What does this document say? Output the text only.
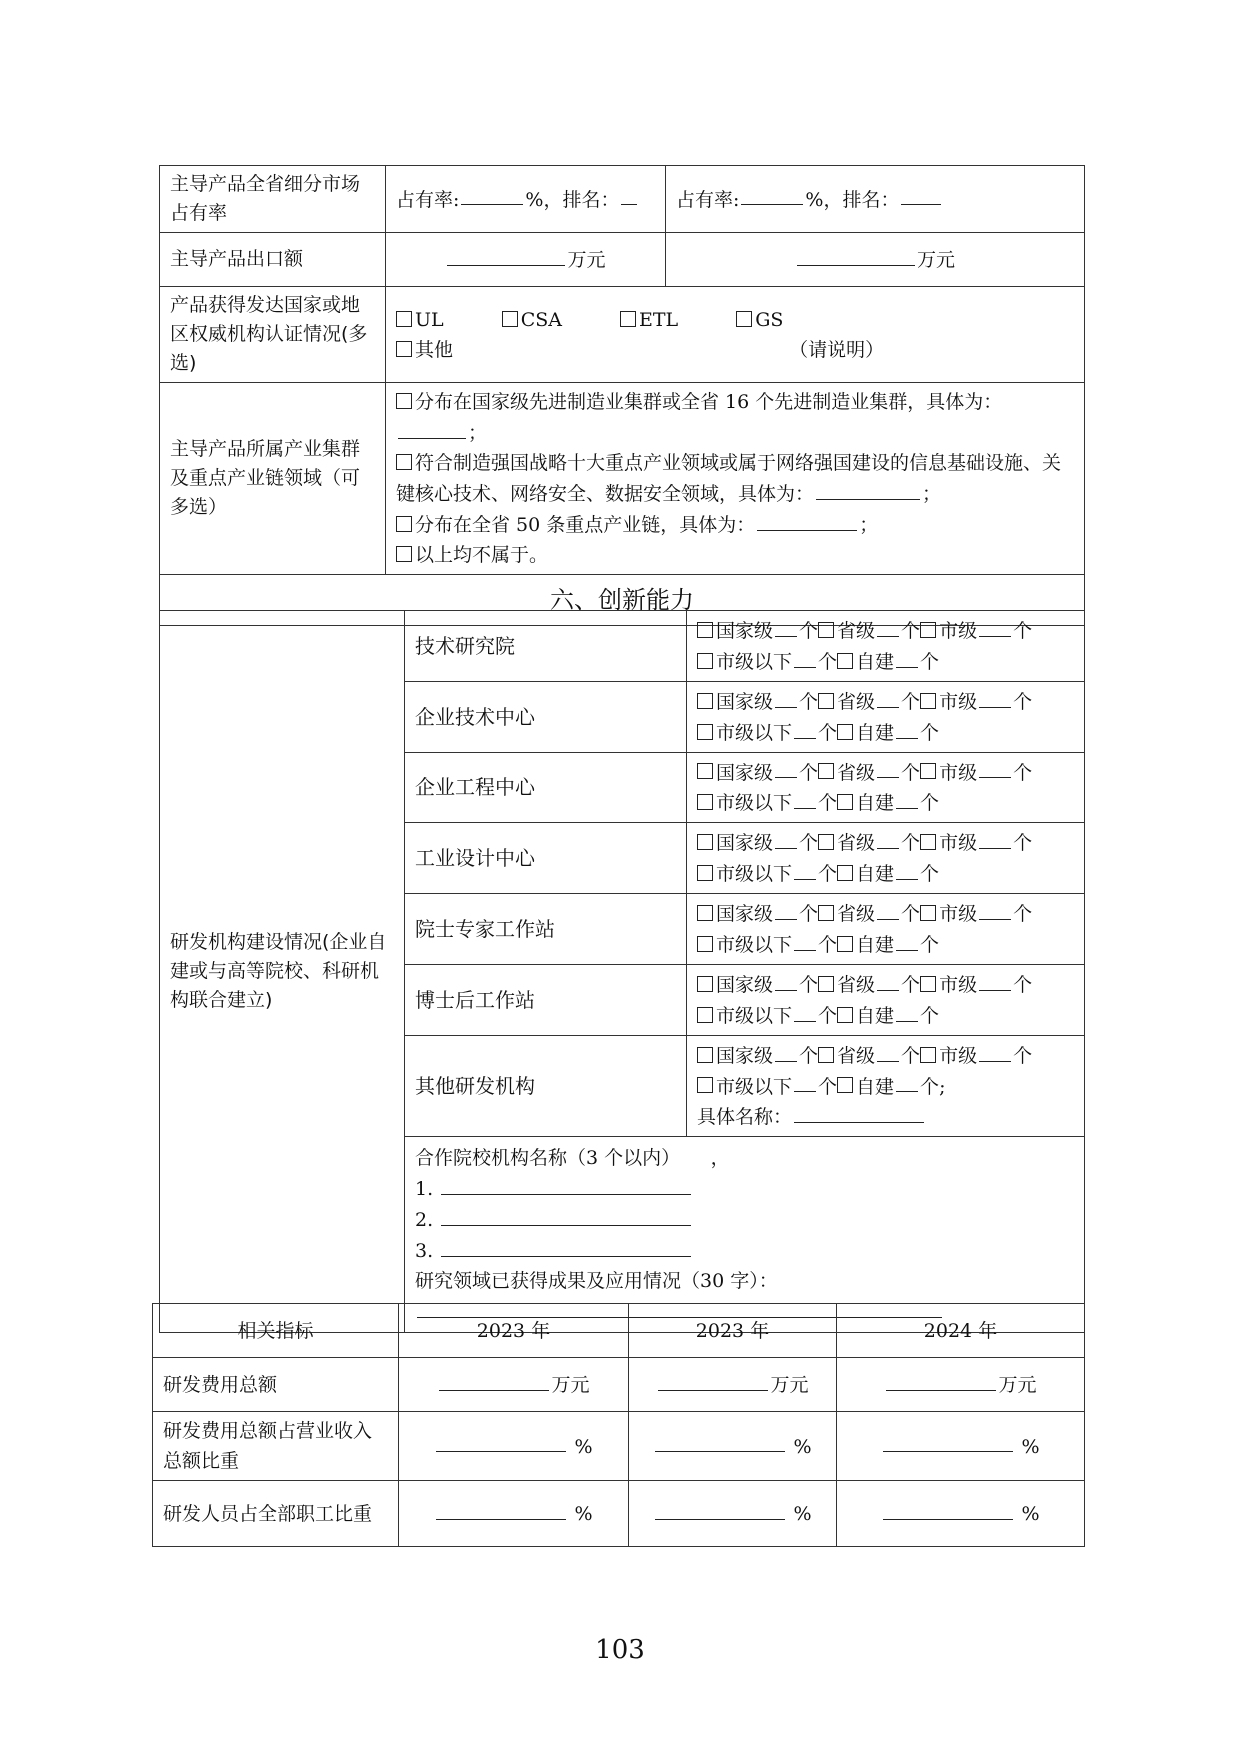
主导产品全省细分市场占有率	占有率: %，排名：	占有率: %，排名：
主导产品出口额	万元	万元
产品获得发达国家或地区权威机构认证情况(多选)	UL CSA ETL GS
其他 （请说明）	

主导产品所属产业集群及重点产业链领域（可多选）	分布在国家级先进制造业集群或全省 16 个先进制造业集群，具体为：；
符合制造强国战略十大重点产业领域或属于网络强国建设的信息基础设施、关键核心技术、网络安全、数据安全领域，具体为： ；
分布在全省 50 条重点产业链，具体为： ；
以上均不属于。	

六、创新能力		
研发机构建设情况(企业自建或与高等院校、科研机构联合建立)	技术研究院	国家级 个 省级 个 市级 个
市级以下 个 自建 个

	企业技术中心	国家级 个 省级 个 市级 个
市级以下 个 自建 个

	企业工程中心	国家级 个 省级 个 市级 个
市级以下 个 自建 个

	工业设计中心	国家级 个 省级 个 市级 个
市级以下 个 自建 个

	院士专家工作站	国家级 个 省级 个 市级 个
市级以下 个 自建 个

	博士后工作站	国家级 个 省级 个 市级 个
市级以下 个 自建 个

	其他研发机构	国家级 个 省级 个 市级 个
市级以下 个 自建 个;
具体名称：

	合作院校机构名称（3 个以内） ，
1.
2.
3.
研究领域已获得成果及应用情况（30 字）：	
相关指标	2023 年	2023 年	2024 年
研发费用总额	万元	万元	万元
研发费用总额占营业收入总额比重	%	%	%
研发人员占全部职工比重	%	%	%
103
